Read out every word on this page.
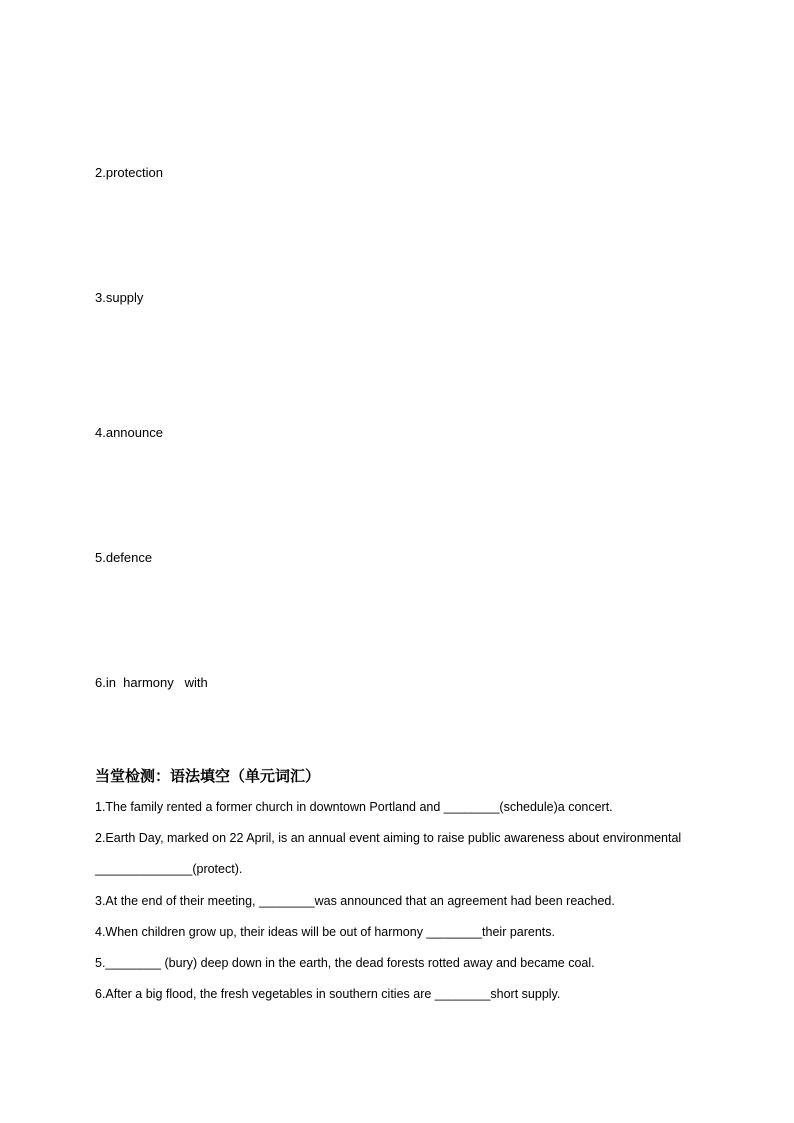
2.protection
3.supply
4.announce
5.defence
6.in  harmony   with
当堂检测：语法填空（单元词汇）
1.The family rented a former church in downtown Portland and ________(schedule)a concert.
2.Earth Day, marked on 22 April, is an annual event aiming to raise public awareness about environmental
______________(protect).
3.At the end of their meeting, ________was announced that an agreement had been reached.
4.When children grow up, their ideas will be out of harmony ________their parents.
5.________ (bury) deep down in the earth, the dead forests rotted away and became coal.
6.After a big flood, the fresh vegetables in southern cities are ________short supply.
